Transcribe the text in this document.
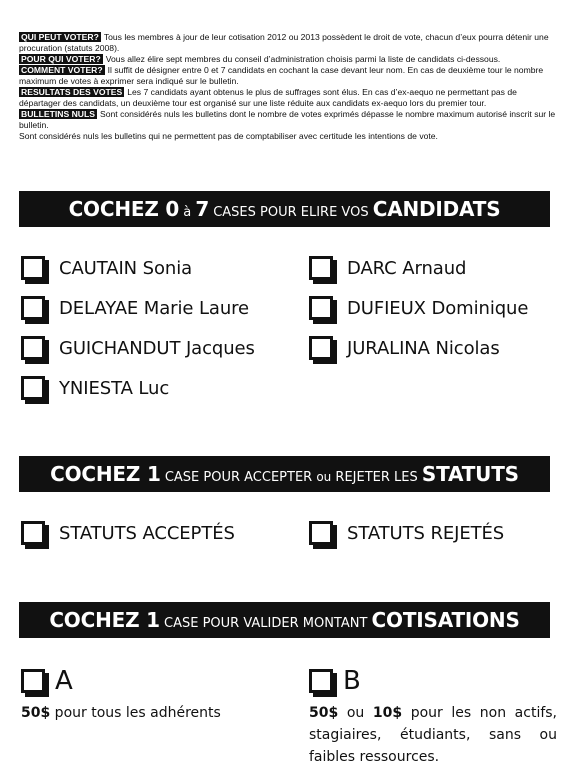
QUI PEUT VOTER? Tous les membres à jour de leur cotisation 2012 ou 2013 possèdent le droit de vote, chacun d’eux pourra détenir une procuration (statuts 2008).

POUR QUI VOTER? Vous allez élire sept membres du conseil d’administration choisis parmi la liste de candidats ci-dessous.

COMMENT VOTER? Il suffit de désigner entre 0 et 7 candidats en cochant la case devant leur nom. En cas de deuxième tour le nombre maximum de votes à exprimer sera indiqué sur le bulletin.

RESULTATS DES VOTES Les 7 candidats ayant obtenus le plus de suffrages sont élus. En cas d’ex-aequo ne permettant pas de départager des candidats, un deuxième tour est organisé sur une liste réduite aux candidats ex-aequo lors du premier tour.

BULLETINS NULS Sont considérés nuls les bulletins dont le nombre de votes exprimés dépasse le nombre maximum autorisé inscrit sur le bulletin.

Sont considérés nuls les bulletins qui ne permettent pas de comptabiliser avec certitude les intentions de vote.

COCHEZ 0 à 7 CASES POUR ELIRE VOS CANDIDATS
CAUTAIN Sonia	DARC Arnaud
DELAYAE Marie Laure	DUFIEUX Dominique
GUICHANDUT Jacques	JURALINA Nicolas
YNIESTA Luc
COCHEZ 1 CASE POUR ACCEPTER ou REJETER LES STATUTS
STATUTS ACCEPTÉS	STATUTS REJETÉS
COCHEZ 1 CASE POUR VALIDER MONTANT COTISATIONS
A
50$ pour tous les adhérents
B
50$ ou 10$ pour les non actifs, stagiaires, étudiants, sans ou faibles ressources.
